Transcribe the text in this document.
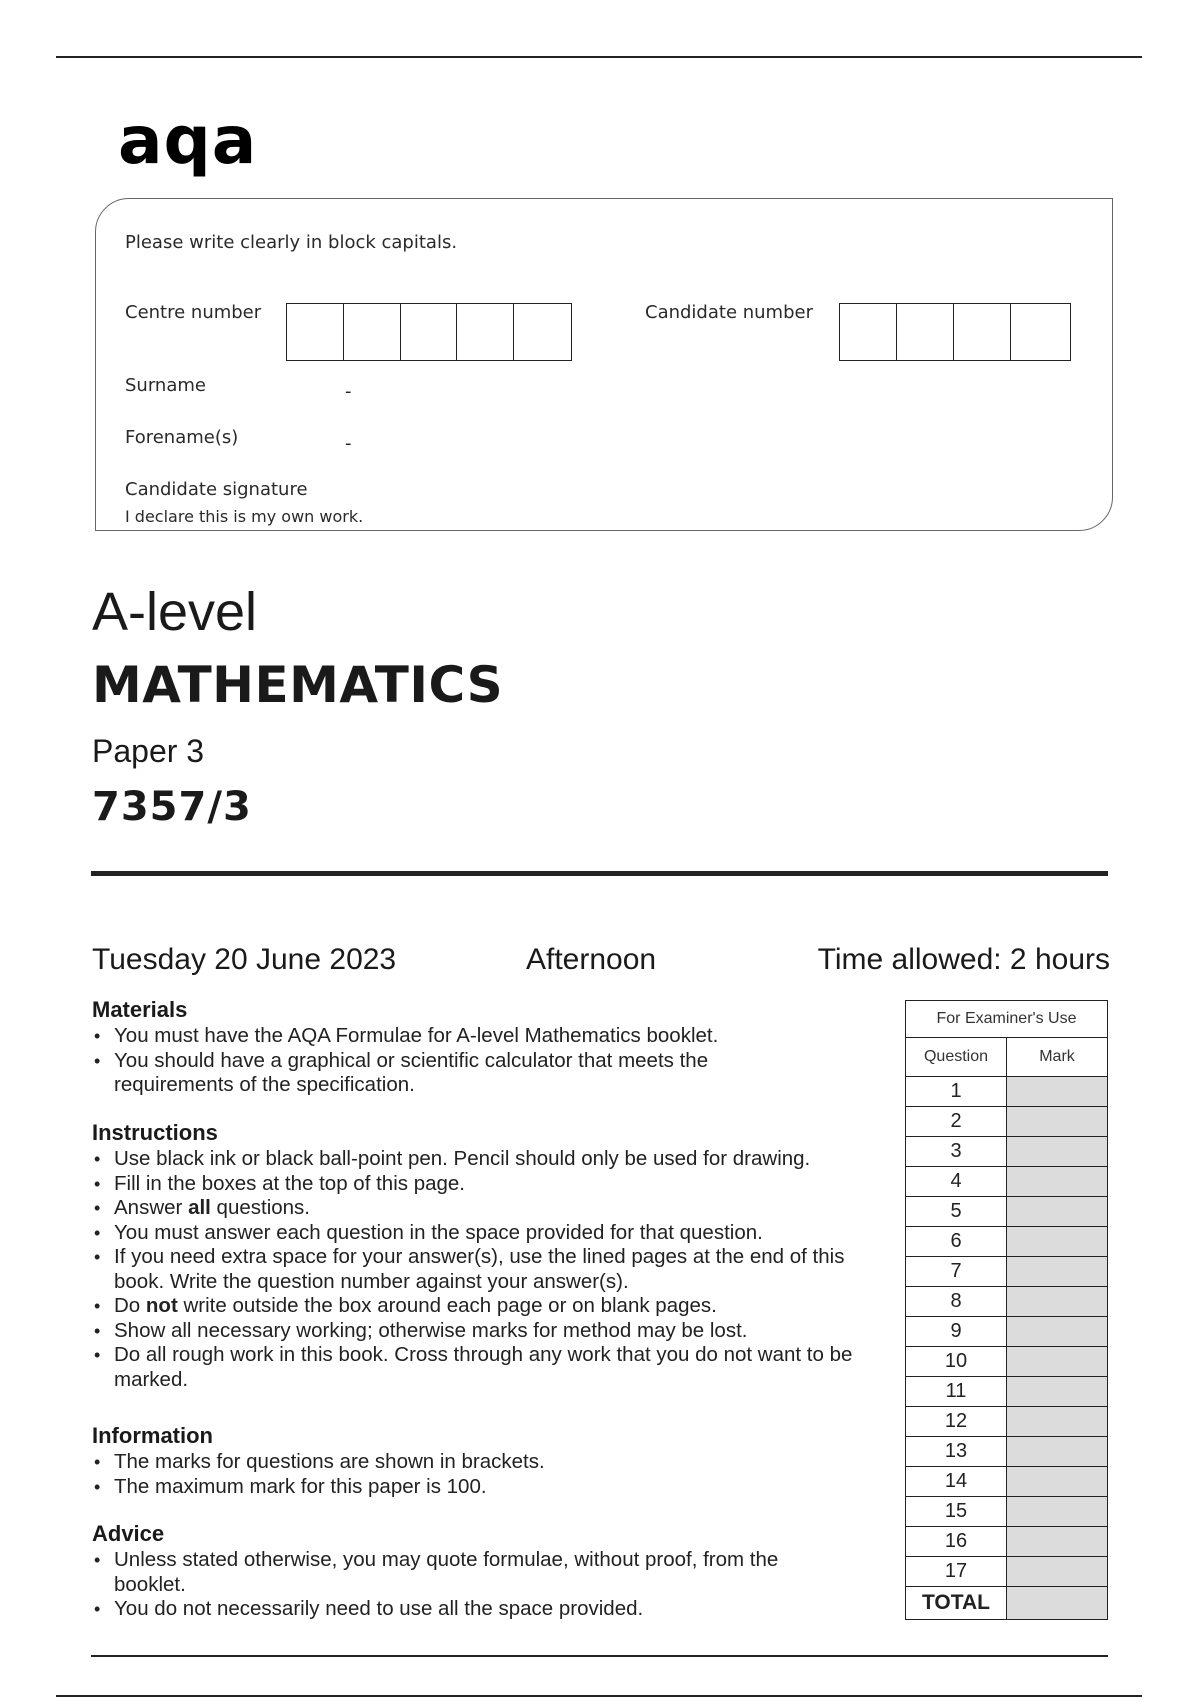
aqa
Please write clearly in block capitals.
Centre number	Candidate number
Surname	-
Forename(s)	-
Candidate signature
I declare this is my own work.
A-level
MATHEMATICS
Paper 3
7357/3
Tuesday 20 June 2023	Afternoon	Time allowed: 2 hours
Materials
• You must have the AQA Formulae for A-level Mathematics booklet.
• You should have a graphical or scientific calculator that meets the requirements of the specification.
Instructions
• Use black ink or black ball-point pen. Pencil should only be used for drawing.
• Fill in the boxes at the top of this page.
• Answer all questions.
• You must answer each question in the space provided for that question.
• If you need extra space for your answer(s), use the lined pages at the end of this book. Write the question number against your answer(s).
• Do not write outside the box around each page or on blank pages.
• Show all necessary working; otherwise marks for method may be lost.
• Do all rough work in this book. Cross through any work that you do not want to be marked.
Information
• The marks for questions are shown in brackets.
• The maximum mark for this paper is 100.
Advice
• Unless stated otherwise, you may quote formulae, without proof, from the booklet.
• You do not necessarily need to use all the space provided.
For Examiner's Use	
Question	Mark
1	
2	
3	
4	
5	
6	
7	
8	
9	
10	
11	
12	
13	
14	
15	
16	
17	
TOTAL	
